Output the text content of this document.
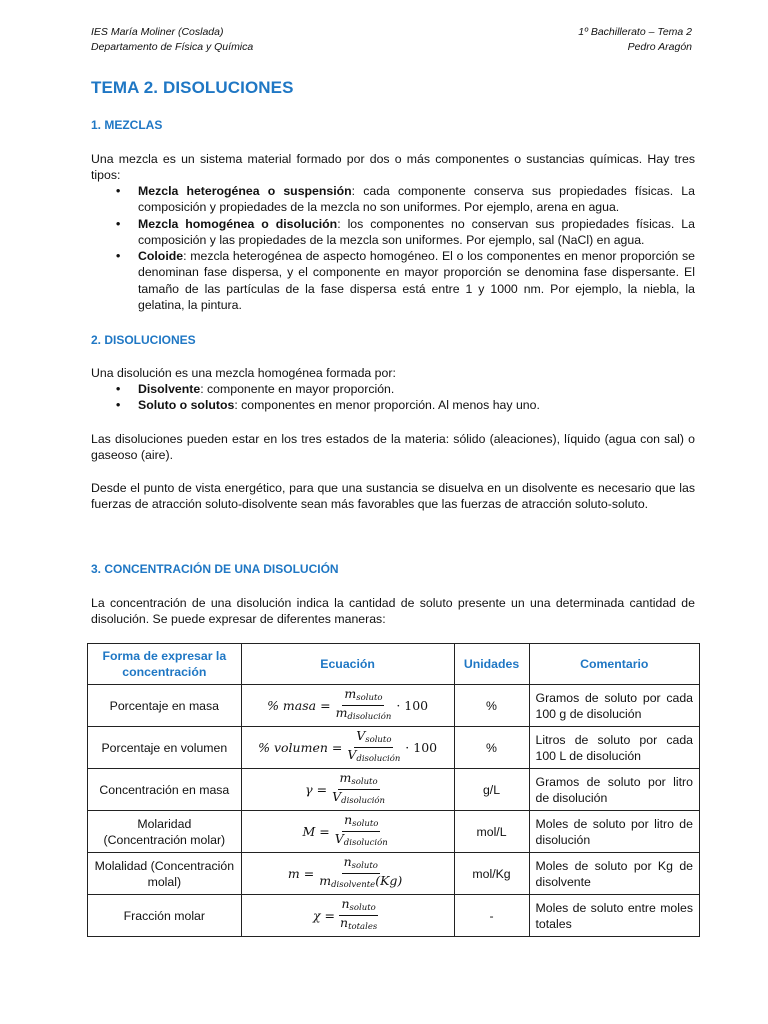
IES María Moliner (Coslada)
Departamento de Física y Química
1º Bachillerato – Tema 2
Pedro Aragón
TEMA 2. DISOLUCIONES
1. MEZCLAS
Una mezcla es un sistema material formado por dos o más componentes o sustancias químicas. Hay tres tipos:
• Mezcla heterogénea o suspensión: cada componente conserva sus propiedades físicas. La composición y propiedades de la mezcla no son uniformes. Por ejemplo, arena en agua.
• Mezcla homogénea o disolución: los componentes no conservan sus propiedades físicas. La composición y las propiedades de la mezcla son uniformes. Por ejemplo, sal (NaCl) en agua.
• Coloide: mezcla heterogénea de aspecto homogéneo. El o los componentes en menor proporción se denominan fase dispersa, y el componente en mayor proporción se denomina fase dispersante. El tamaño de las partículas de la fase dispersa está entre 1 y 1000 nm. Por ejemplo, la niebla, la gelatina, la pintura.
2. DISOLUCIONES
Una disolución es una mezcla homogénea formada por:
• Disolvente: componente en mayor proporción.
• Soluto o solutos: componentes en menor proporción. Al menos hay uno.
Las disoluciones pueden estar en los tres estados de la materia: sólido (aleaciones), líquido (agua con sal) o gaseoso (aire).
Desde el punto de vista energético, para que una sustancia se disuelva en un disolvente es necesario que las fuerzas de atracción soluto-disolvente sean más favorables que las fuerzas de atracción soluto-soluto.
3. CONCENTRACIÓN DE UNA DISOLUCIÓN
La concentración de una disolución indica la cantidad de soluto presente un una determinada cantidad de disolución. Se puede expresar de diferentes maneras:
Forma de expresar la concentración	Ecuación	Unidades	Comentario
Porcentaje en masa	% masa = $\frac{m_{soluto}}{m_{disolución}} \cdot 100$	%	Gramos de soluto por cada 100 g de disolución
Porcentaje en volumen	% volumen = $\frac{V_{soluto}}{V_{disolución}} \cdot 100$	%	Litros de soluto por cada 100 L de disolución
Concentración en masa	$\gamma = \frac{m_{soluto}}{V_{disolución}}$	g/L	Gramos de soluto por litro de disolución
Molaridad (Concentración molar)	$M = \frac{n_{soluto}}{V_{disolución}}$	mol/L	Moles de soluto por litro de disolución
Molalidad (Concentración molal)	$m = \frac{n_{soluto}}{m_{disolvente}(Kg)}$	mol/Kg	Moles de soluto por Kg de disolvente
Fracción molar	$\chi = \frac{n_{soluto}}{n_{totales}}$	-	Moles de soluto entre moles totales
